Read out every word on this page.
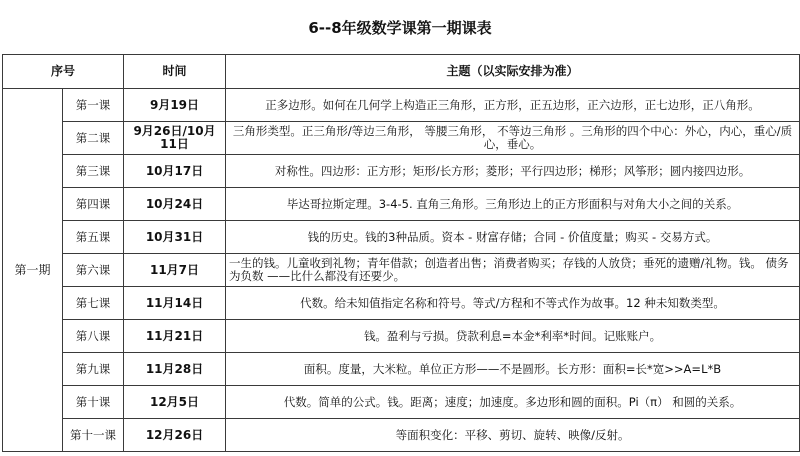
6--8年级数学课第一期课表
序号		时间	主题（以实际安排为准）
第一期	第一课	9月19日	正多边形。如何在几何学上构造正三角形，正方形，正五边形，正六边形，正七边形，正八角形。
	第二课	9月26日/10月11日	三角形类型。正三角形/等边三角形， 等腰三角形， 不等边三角形 。三角形的四个中心：外心，内心，重心/质心，垂心。
	第三课	10月17日	对称性。四边形：正方形；矩形/长方形；菱形；平行四边形；梯形；风筝形；圆内接四边形。
	第四课	10月24日	毕达哥拉斯定理。3-4-5. 直角三角形。三角形边上的正方形面积与对角大小之间的关系。
	第五课	10月31日	钱的历史。钱的3种品质。资本 - 财富存储；合同 - 价值度量；购买 - 交易方式。
	第六课	11月7日	一生的钱。儿童收到礼物；青年借款；创造者出售；消费者购买；存钱的人放贷；垂死的遗赠/礼物。钱。 债务为负数 ——比什么都没有还要少。
	第七课	11月14日	代数。给未知值指定名称和符号。等式/方程和不等式作为故事。12 种未知数类型。
	第八课	11月21日	钱。盈利与亏损。贷款利息=本金*利率*时间。记账账户。
	第九课	11月28日	面积。度量，大米粒。单位正方形——不是圆形。长方形：面积=长*宽>>A=L*B
	第十课	12月5日	代数。简单的公式。钱。距离；速度；加速度。多边形和圆的面积。Pi（π） 和圆的关系。
	第十一课	12月26日	等面积变化：平移、剪切、旋转、映像/反射。
